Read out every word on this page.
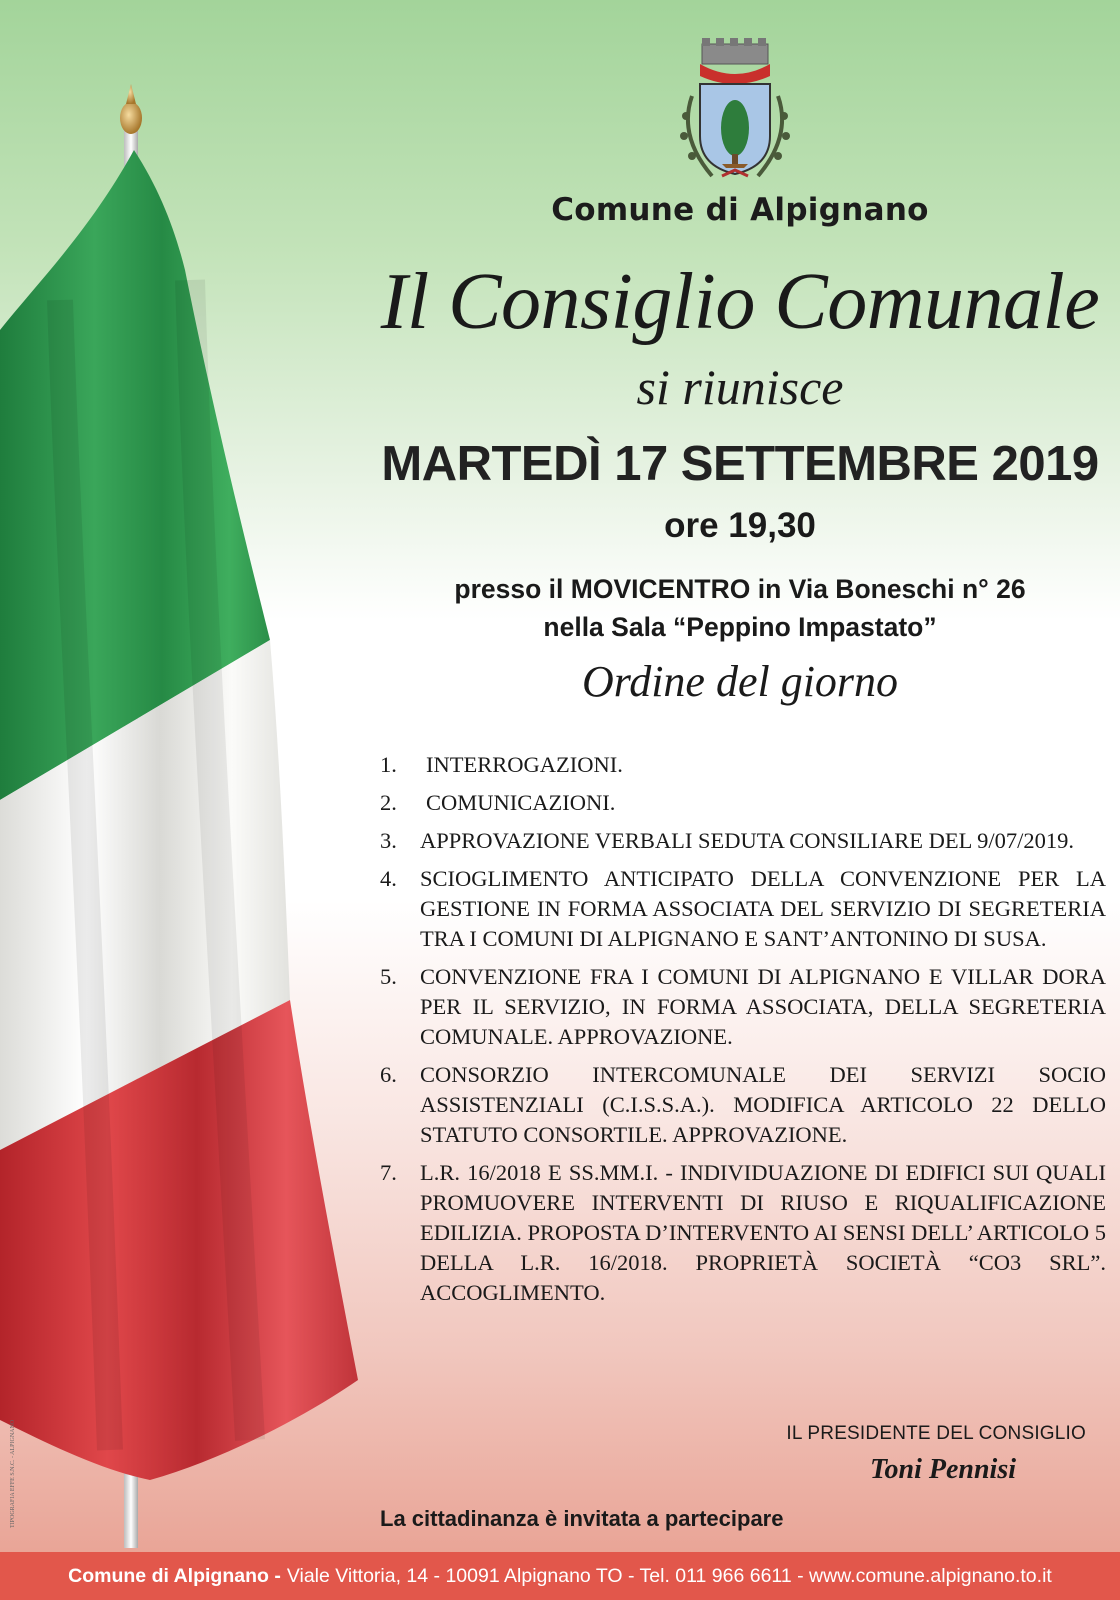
Comune di Alpignano
Il Consiglio Comunale
si riunisce
MARTEDÌ 17 SETTEMBRE 2019
ore 19,30
presso il MOVICENTRO in Via Boneschi n° 26
nella Sala “Peppino Impastato”
Ordine del giorno
1.	INTERROGAZIONI.
2.	COMUNICAZIONI.
3.	APPROVAZIONE VERBALI SEDUTA CONSILIARE DEL 9/07/2019.
4.	SCIOGLIMENTO ANTICIPATO DELLA CONVENZIONE PER LA GESTIONE IN FORMA ASSOCIATA DEL SERVIZIO DI SEGRETERIA TRA I COMUNI DI ALPIGNANO E SANT’ANTONINO DI SUSA.
5.	CONVENZIONE FRA I COMUNI DI ALPIGNANO E VILLAR DORA PER IL SERVIZIO, IN FORMA ASSOCIATA, DELLA SEGRETERIA COMUNALE. APPROVAZIONE.
6.	CONSORZIO INTERCOMUNALE DEI SERVIZI SOCIO ASSISTENZIALI (C.I.S.S.A.). MODIFICA ARTICOLO 22 DELLO STATUTO CONSORTILE. APPROVAZIONE.
7.	L.R. 16/2018 E SS.MM.I. - INDIVIDUAZIONE DI EDIFICI SUI QUALI PROMUOVERE INTERVENTI DI RIUSO E RIQUALIFICAZIONE EDILIZIA. PROPOSTA D’INTERVENTO AI SENSI DELL’ ARTICOLO 5 DELLA L.R. 16/2018. PROPRIETÀ SOCIETÀ “CO3 SRL”. ACCOGLIMENTO.
IL PRESIDENTE DEL CONSIGLIO
Toni Pennisi
La cittadinanza è invitata a partecipare
TIPOGRAFIA EFFE S.N.C. - ALPIGNANO
Comune di Alpignano - Viale Vittoria, 14 - 10091 Alpignano TO - Tel. 011 966 6611 - www.comune.alpignano.to.it
